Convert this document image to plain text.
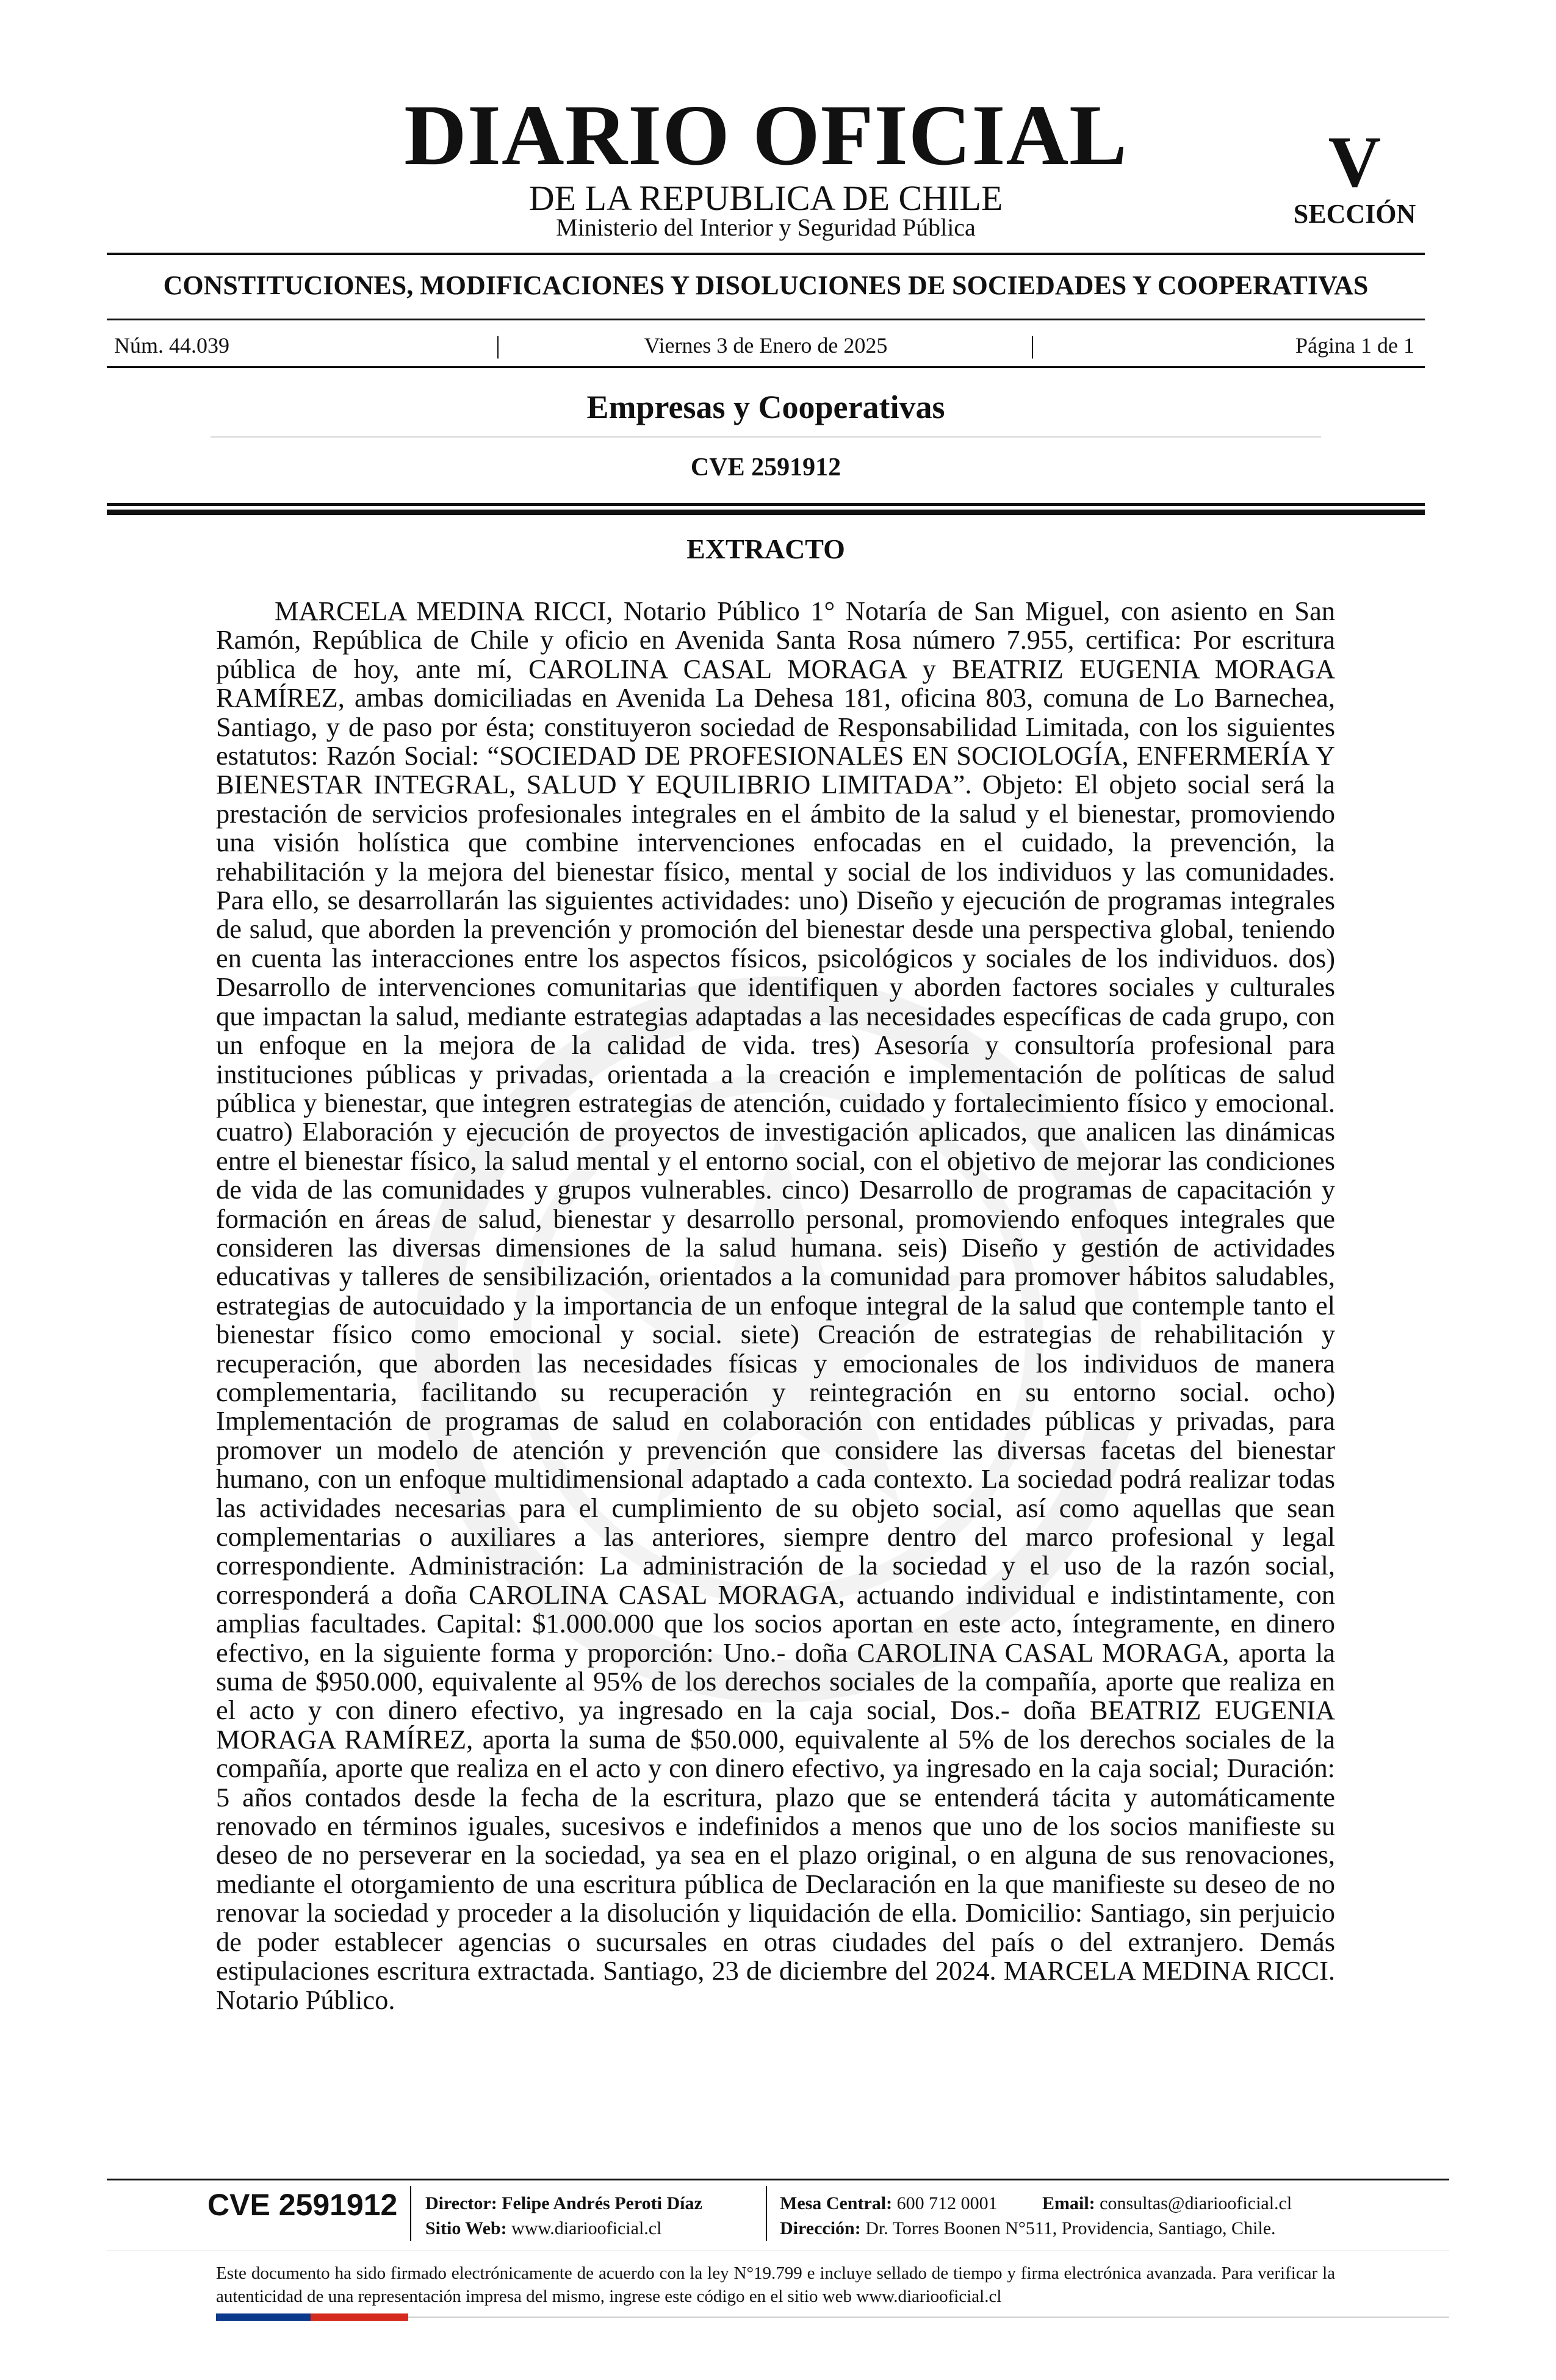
DIARIO OFICIAL
DE LA REPUBLICA DE CHILE
Ministerio del Interior y Seguridad Pública
V
SECCIÓN
CONSTITUCIONES, MODIFICACIONES Y DISOLUCIONES DE SOCIEDADES Y COOPERATIVAS
Núm. 44.039	|	Viernes 3 de Enero de 2025	|	Página 1 de 1
Empresas y Cooperativas
CVE 2591912
EXTRACTO
MARCELA MEDINA RICCI, Notario Público 1° Notaría de San Miguel, con asiento en San Ramón, República de Chile y oficio en Avenida Santa Rosa número 7.955, certifica: Por escritura pública de hoy, ante mí, CAROLINA CASAL MORAGA y BEATRIZ EUGENIA MORAGA RAMÍREZ, ambas domiciliadas en Avenida La Dehesa 181, oficina 803, comuna de Lo Barnechea, Santiago, y de paso por ésta; constituyeron sociedad de Responsabilidad Limitada, con los siguientes estatutos: Razón Social: “SOCIEDAD DE PROFESIONALES EN SOCIOLOGÍA, ENFERMERÍA Y BIENESTAR INTEGRAL, SALUD Y EQUILIBRIO LIMITADA”. Objeto: El objeto social será la prestación de servicios profesionales integrales en el ámbito de la salud y el bienestar, promoviendo una visión holística que combine intervenciones enfocadas en el cuidado, la prevención, la rehabilitación y la mejora del bienestar físico, mental y social de los individuos y las comunidades. Para ello, se desarrollarán las siguientes actividades: uno) Diseño y ejecución de programas integrales de salud, que aborden la prevención y promoción del bienestar desde una perspectiva global, teniendo en cuenta las interacciones entre los aspectos físicos, psicológicos y sociales de los individuos. dos) Desarrollo de intervenciones comunitarias que identifiquen y aborden factores sociales y culturales que impactan la salud, mediante estrategias adaptadas a las necesidades específicas de cada grupo, con un enfoque en la mejora de la calidad de vida. tres) Asesoría y consultoría profesional para instituciones públicas y privadas, orientada a la creación e implementación de políticas de salud pública y bienestar, que integren estrategias de atención, cuidado y fortalecimiento físico y emocional. cuatro) Elaboración y ejecución de proyectos de investigación aplicados, que analicen las dinámicas entre el bienestar físico, la salud mental y el entorno social, con el objetivo de mejorar las condiciones de vida de las comunidades y grupos vulnerables. cinco) Desarrollo de programas de capacitación y formación en áreas de salud, bienestar y desarrollo personal, promoviendo enfoques integrales que consideren las diversas dimensiones de la salud humana. seis) Diseño y gestión de actividades educativas y talleres de sensibilización, orientados a la comunidad para promover hábitos saludables, estrategias de autocuidado y la importancia de un enfoque integral de la salud que contemple tanto el bienestar físico como emocional y social. siete) Creación de estrategias de rehabilitación y recuperación, que aborden las necesidades físicas y emocionales de los individuos de manera complementaria, facilitando su recuperación y reintegración en su entorno social. ocho) Implementación de programas de salud en colaboración con entidades públicas y privadas, para promover un modelo de atención y prevención que considere las diversas facetas del bienestar humano, con un enfoque multidimensional adaptado a cada contexto. La sociedad podrá realizar todas las actividades necesarias para el cumplimiento de su objeto social, así como aquellas que sean complementarias o auxiliares a las anteriores, siempre dentro del marco profesional y legal correspondiente. Administración: La administración de la sociedad y el uso de la razón social, corresponderá a doña CAROLINA CASAL MORAGA, actuando individual e indistintamente, con amplias facultades. Capital: $1.000.000 que los socios aportan en este acto, íntegramente, en dinero efectivo, en la siguiente forma y proporción: Uno.- doña CAROLINA CASAL MORAGA, aporta la suma de $950.000, equivalente al 95% de los derechos sociales de la compañía, aporte que realiza en el acto y con dinero efectivo, ya ingresado en la caja social, Dos.- doña BEATRIZ EUGENIA MORAGA RAMÍREZ, aporta la suma de $50.000, equivalente al 5% de los derechos sociales de la compañía, aporte que realiza en el acto y con dinero efectivo, ya ingresado en la caja social; Duración: 5 años contados desde la fecha de la escritura, plazo que se entenderá tácita y automáticamente renovado en términos iguales, sucesivos e indefinidos a menos que uno de los socios manifieste su deseo de no perseverar en la sociedad, ya sea en el plazo original, o en alguna de sus renovaciones, mediante el otorgamiento de una escritura pública de Declaración en la que manifieste su deseo de no renovar la sociedad y proceder a la disolución y liquidación de ella. Domicilio: Santiago, sin perjuicio de poder establecer agencias o sucursales en otras ciudades del país o del extranjero. Demás estipulaciones escritura extractada. Santiago, 23 de diciembre del 2024. MARCELA MEDINA RICCI. Notario Público.
CVE 2591912 Director: Felipe Andrés Peroti Díaz
Sitio Web: www.diariooficial.cl
Mesa Central: 600 712 0001 Email: consultas@diariooficial.cl
Dirección: Dr. Torres Boonen N°511, Providencia, Santiago, Chile.
Este documento ha sido firmado electrónicamente de acuerdo con la ley N°19.799 e incluye sellado de tiempo y firma electrónica avanzada. Para verificar la autenticidad de una representación impresa del mismo, ingrese este código en el sitio web www.diariooficial.cl
